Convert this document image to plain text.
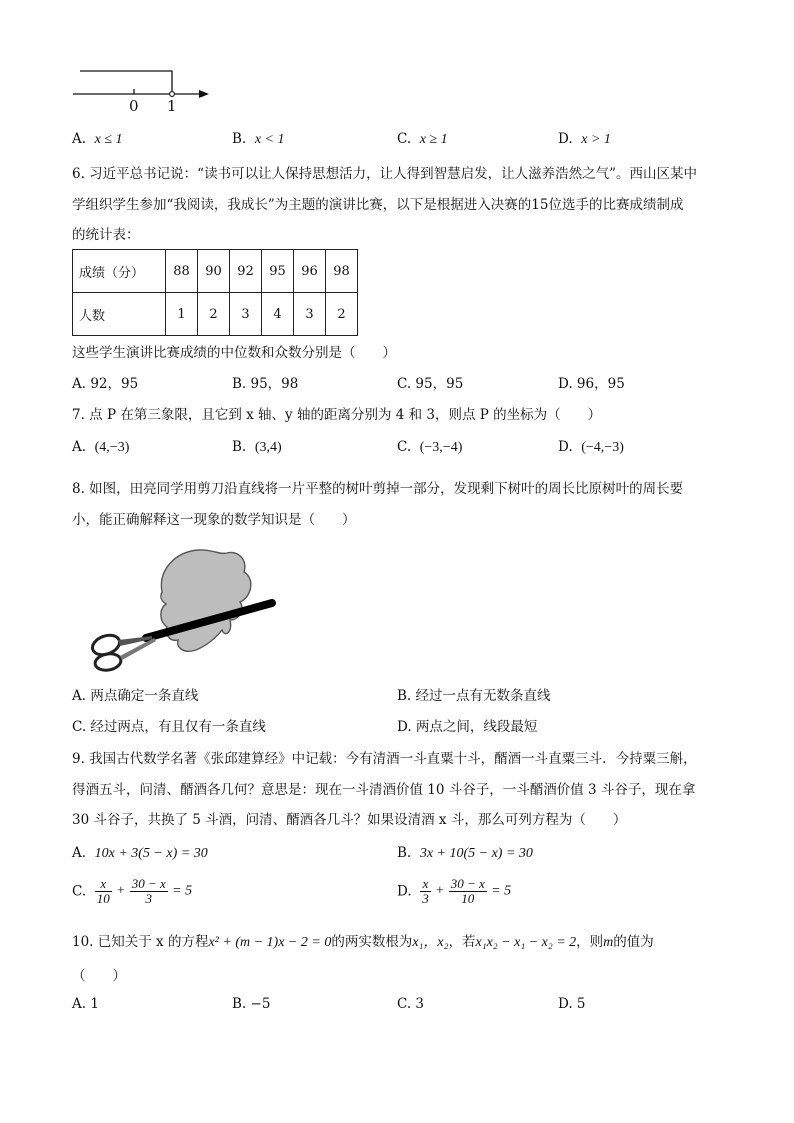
0 1
A. x ≤ 1	B. x < 1	C. x ≥ 1	D. x > 1
6. 习近平总书记说：“读书可以让人保持思想活力，让人得到智慧启发，让人滋养浩然之气”。西山区某中
学组织学生参加“我阅读，我成长”为主题的演讲比赛，以下是根据进入决赛的15位选手的比赛成绩制成
的统计表：
成绩（分）	88	90	92	95	96	98
人数	1	2	3	4	3	2
这些学生演讲比赛成绩的中位数和众数分别是（　　）
A. 92，95	B. 95，98	C. 95，95	D. 96，95
7. 点 P 在第三象限，且它到 x 轴、y 轴的距离分别为 4 和 3，则点 P 的坐标为（　　）
A. (4,−3)	B. (3,4)	C. (−3,−4)	D. (−4,−3)
8. 如图，田亮同学用剪刀沿直线将一片平整的树叶剪掉一部分，发现剩下树叶的周长比原树叶的周长要
小，能正确解释这一现象的数学知识是（　　）
A. 两点确定一条直线	B. 经过一点有无数条直线
C. 经过两点，有且仅有一条直线	D. 两点之间，线段最短
9. 我国古代数学名著《张邱建算经》中记载：今有清酒一斗直粟十斗，醑酒一斗直粟三斗．今持粟三斛，
得酒五斗，问清、醑酒各几何？意思是：现在一斗清酒价值 10 斗谷子，一斗醑酒价值 3 斗谷子，现在拿
30 斗谷子，共换了 5 斗酒，问清、醑酒各几斗？如果设清酒 x 斗，那么可列方程为（　　）
A. 10x + 3(5 − x) = 30	B. 3x + 10(5 − x) = 30
C. $\frac{x}{10} + \frac{30 - x}{3} = 5$	D. $\frac{x}{3} + \frac{30 - x}{10} = 5$
10. 已知关于 x 的方程x² + (m − 1)x − 2 = 0的两实数根为x₁，x₂，若x₁x₂ − x₁ − x₂ = 2，则m的值为
（　　）
A. 1	B. −5	C. 3	D. 5
